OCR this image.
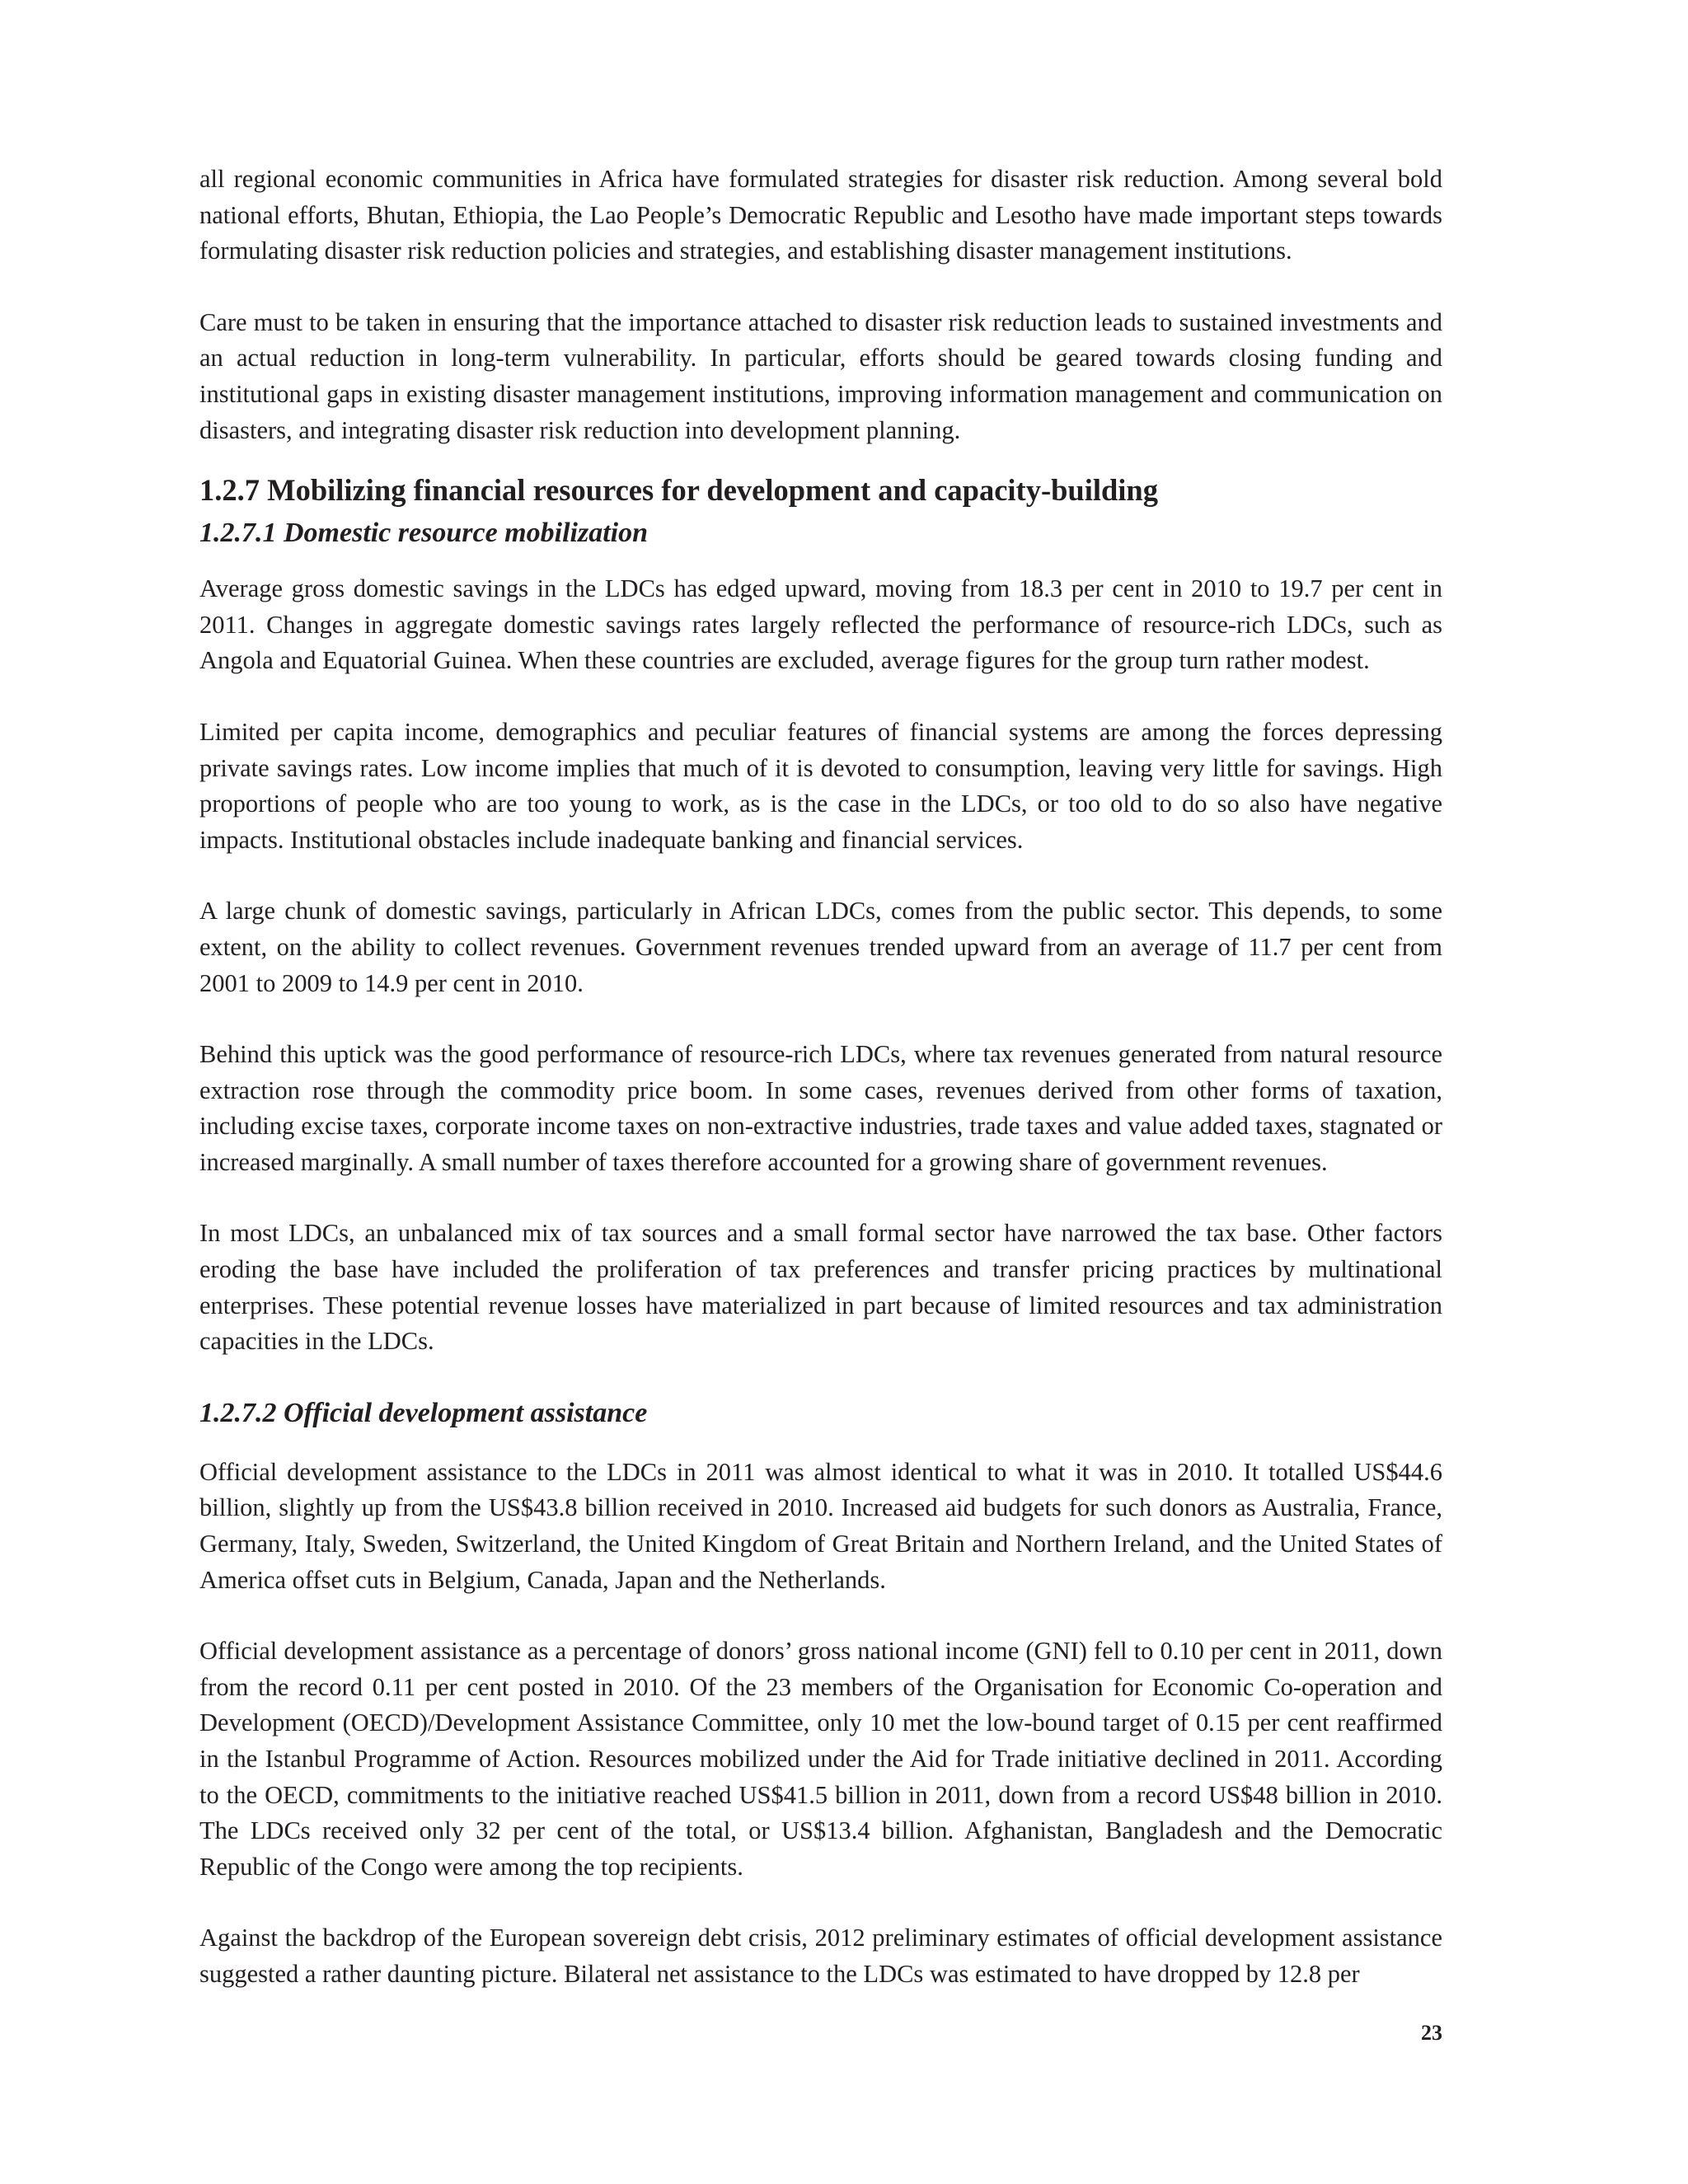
all regional economic communities in Africa have formulated strategies for disaster risk reduction. Among several bold national efforts, Bhutan, Ethiopia, the Lao People’s Democratic Republic and Lesotho have made important steps towards formulating disaster risk reduction policies and strategies, and establishing disaster management institutions.

Care must to be taken in ensuring that the importance attached to disaster risk reduction leads to sustained investments and an actual reduction in long-term vulnerability. In particular, efforts should be geared towards closing funding and institutional gaps in existing disaster management institutions, improving information management and communication on disasters, and integrating disaster risk reduction into development planning.

1.2.7 Mobilizing financial resources for development and capacity-building
1.2.7.1 Domestic resource mobilization

Average gross domestic savings in the LDCs has edged upward, moving from 18.3 per cent in 2010 to 19.7 per cent in 2011. Changes in aggregate domestic savings rates largely reflected the performance of resource-rich LDCs, such as Angola and Equatorial Guinea. When these countries are excluded, average figures for the group turn rather modest.

Limited per capita income, demographics and peculiar features of financial systems are among the forces depressing private savings rates. Low income implies that much of it is devoted to consumption, leaving very little for savings. High proportions of people who are too young to work, as is the case in the LDCs, or too old to do so also have negative impacts. Institutional obstacles include inadequate banking and financial services.

A large chunk of domestic savings, particularly in African LDCs, comes from the public sector. This depends, to some extent, on the ability to collect revenues. Government revenues trended upward from an average of 11.7 per cent from 2001 to 2009 to 14.9 per cent in 2010.

Behind this uptick was the good performance of resource-rich LDCs, where tax revenues generated from natural resource extraction rose through the commodity price boom. In some cases, revenues derived from other forms of taxation, including excise taxes, corporate income taxes on non-extractive industries, trade taxes and value added taxes, stagnated or increased marginally. A small number of taxes therefore accounted for a growing share of government revenues.

In most LDCs, an unbalanced mix of tax sources and a small formal sector have narrowed the tax base. Other factors eroding the base have included the proliferation of tax preferences and transfer pricing practices by multinational enterprises. These potential revenue losses have materialized in part because of limited resources and tax administration capacities in the LDCs.

1.2.7.2 Official development assistance

Official development assistance to the LDCs in 2011 was almost identical to what it was in 2010. It totalled US$44.6 billion, slightly up from the US$43.8 billion received in 2010. Increased aid budgets for such donors as Australia, France, Germany, Italy, Sweden, Switzerland, the United Kingdom of Great Britain and Northern Ireland, and the United States of America offset cuts in Belgium, Canada, Japan and the Netherlands.

Official development assistance as a percentage of donors’ gross national income (GNI) fell to 0.10 per cent in 2011, down from the record 0.11 per cent posted in 2010. Of the 23 members of the Organisation for Economic Co-operation and Development (OECD)/Development Assistance Committee, only 10 met the low-bound target of 0.15 per cent reaffirmed in the Istanbul Programme of Action. Resources mobilized under the Aid for Trade initiative declined in 2011. According to the OECD, commitments to the initiative reached US$41.5 billion in 2011, down from a record US$48 billion in 2010. The LDCs received only 32 per cent of the total, or US$13.4 billion. Afghanistan, Bangladesh and the Democratic Republic of the Congo were among the top recipients.

Against the backdrop of the European sovereign debt crisis, 2012 preliminary estimates of official development assistance suggested a rather daunting picture. Bilateral net assistance to the LDCs was estimated to have dropped by 12.8 per

23
